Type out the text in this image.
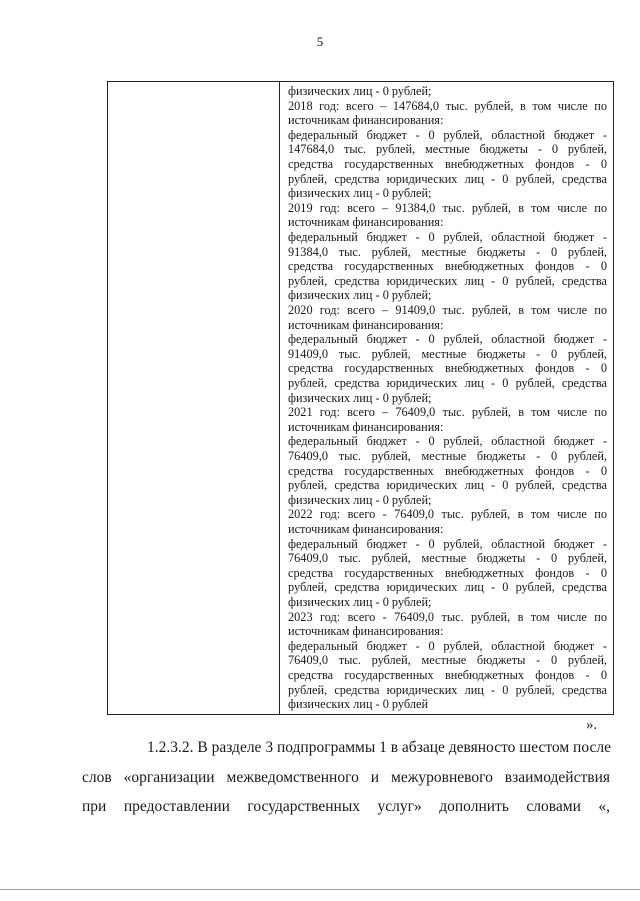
5
физических лиц - 0 рублей;
2018 год: всего – 147684,0 тыс. рублей, в том числе по
источникам финансирования:
федеральный бюджет - 0 рублей, областной бюджет -
147684,0 тыс. рублей, местные бюджеты - 0 рублей,
средства государственных внебюджетных фондов - 0
рублей, средства юридических лиц - 0 рублей, средства
физических лиц - 0 рублей;
2019 год: всего – 91384,0 тыс. рублей, в том числе по
источникам финансирования:
федеральный бюджет - 0 рублей, областной бюджет -
91384,0 тыс. рублей, местные бюджеты - 0 рублей,
средства государственных внебюджетных фондов - 0
рублей, средства юридических лиц - 0 рублей, средства
физических лиц - 0 рублей;
2020 год: всего – 91409,0 тыс. рублей, в том числе по
источникам финансирования:
федеральный бюджет - 0 рублей, областной бюджет -
91409,0 тыс. рублей, местные бюджеты - 0 рублей,
средства государственных внебюджетных фондов - 0
рублей, средства юридических лиц - 0 рублей, средства
физических лиц - 0 рублей;
2021 год: всего – 76409,0 тыс. рублей, в том числе по
источникам финансирования:
федеральный бюджет - 0 рублей, областной бюджет -
76409,0 тыс. рублей, местные бюджеты - 0 рублей,
средства государственных внебюджетных фондов - 0
рублей, средства юридических лиц - 0 рублей, средства
физических лиц - 0 рублей;
2022 год: всего - 76409,0 тыс. рублей, в том числе по
источникам финансирования:
федеральный бюджет - 0 рублей, областной бюджет -
76409,0 тыс. рублей, местные бюджеты - 0 рублей,
средства государственных внебюджетных фондов - 0
рублей, средства юридических лиц - 0 рублей, средства
физических лиц - 0 рублей;
2023 год: всего - 76409,0 тыс. рублей, в том числе по
источникам финансирования:
федеральный бюджет - 0 рублей, областной бюджет -
76409,0 тыс. рублей, местные бюджеты - 0 рублей,
средства государственных внебюджетных фондов - 0
рублей, средства юридических лиц - 0 рублей, средства
физических лиц - 0 рублей
».
1.2.3.2. В разделе 3 подпрограммы 1 в абзаце девяносто шестом после
слов «организации межведомственного и межуровневого взаимодействия
при предоставлении государственных услуг» дополнить словами «,
